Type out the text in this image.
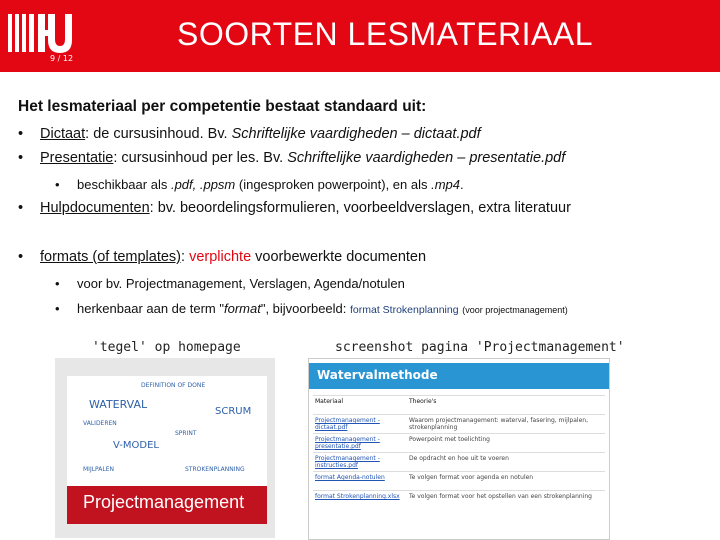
9 / 12
SOORTEN LESMATERIAAL
Het lesmateriaal per competentie bestaat standaard uit:
• Dictaat: de cursusinhoud. Bv. Schriftelijke vaardigheden – dictaat.pdf
• Presentatie: cursusinhoud per les. Bv. Schriftelijke vaardigheden – presentatie.pdf
• beschikbaar als .pdf, .ppsm (ingesproken powerpoint), en als .mp4.
• Hulpdocumenten: bv. beoordelingsformulieren, voorbeeldverslagen, extra literatuur
• formats (of templates): verplichte voorbewerkte documenten
• voor bv. Projectmanagement, Verslagen, Agenda/notulen
• herkenbaar aan de term "format", bijvoorbeeld: format Strokenplanning (voor projectmanagement)
'tegel' op homepage	screenshot pagina 'Projectmanagement'
DEFINITION OF DONE
WATERVAL
SCRUM
VALIDEREN
SPRINT
V-MODEL
MIJLPALEN	STROKENPLANNING
Projectmanagement
Watervalmethode
Materiaal	Theorie's
Projectmanagement - dictaat.pdf	Waarom projectmanagement: waterval, fasering, mijlpalen, strokenplanning
Projectmanagement - presentatie.pdf	Powerpoint met toelichting
Projectmanagement - instructies.pdf	De opdracht en hoe uit te voeren
format Agenda-notulen	Te volgen format voor agenda en notulen
format Strokenplanning.xlsx	Te volgen format voor het opstellen van een strokenplanning
